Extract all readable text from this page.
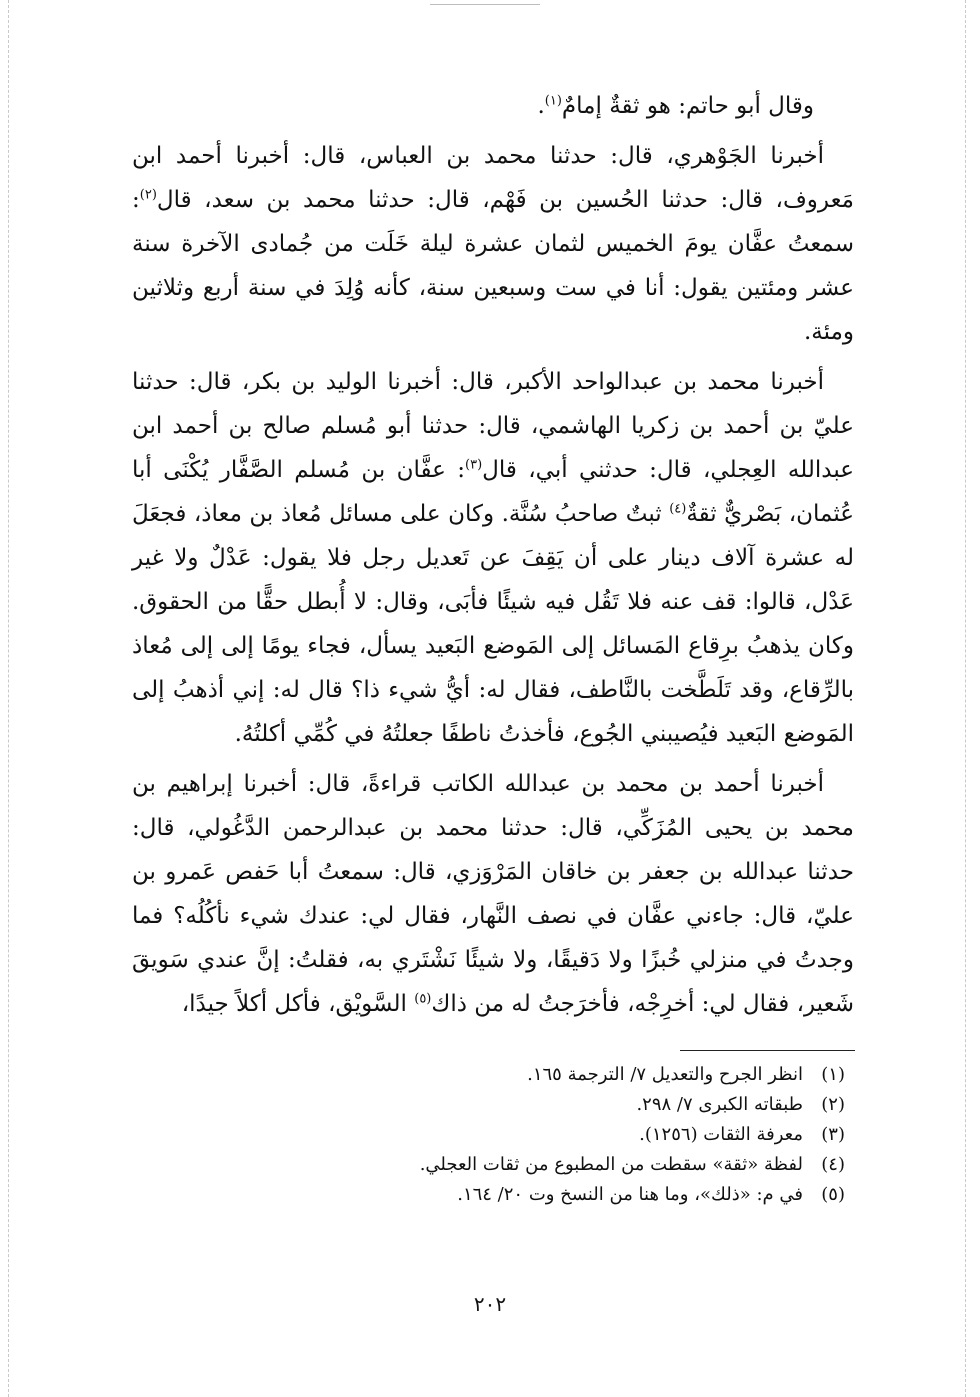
وقال أبو حاتم: هو ثقةٌ إمامٌ$^{(١)}$.

أخبرنا الجَوْهري، قال: حدثنا محمد بن العباس، قال: أخبرنا أحمد ابن مَعروف، قال: حدثنا الحُسين بن فَهْم، قال: حدثنا محمد بن سعد، قال$^{(٢)}$: سمعتُ عفَّان يومَ الخميس لثمان عشرة ليلة خَلَت من جُمادى الآخرة سنة عشر ومئتين يقول: أنا في ست وسبعين سنة، كأنه وُلِدَ في سنة أربع وثلاثين ومئة.

أخبرنا محمد بن عبدالواحد الأكبر، قال: أخبرنا الوليد بن بكر، قال: حدثنا عليّ بن أحمد بن زكريا الهاشمي، قال: حدثنا أبو مُسلم صالح بن أحمد ابن عبدالله العِجلي، قال: حدثني أبي، قال$^{(٣)}$: عفَّان بن مُسلم الصَّفَّار يُكْنَى أبا عُثمان، بَصْريٌّ ثقةٌ$^{(٤)}$ ثبتٌ صاحبُ سُنَّة. وكان على مسائل مُعاذ بن معاذ، فجعَلَ له عشرة آلاف دينار على أن يَقِفَ عن تَعديل رجل فلا يقول: عَدْلٌ ولا غير عَدْل، قالوا: قف عنه فلا تَقُل فيه شيئًا فأبَى، وقال: لا أُبطل حقًّا من الحقوق. وكان يذهبُ برِقاع المَسائل إلى المَوضع البَعيد يسأل، فجاء يومًا إلى إلى مُعاذ بالرِّقاع، وقد تَلَطَّخت بالنَّاطف، فقال له: أيُّ شيء ذا؟ قال له: إني أذهبُ إلى المَوضع البَعيد فيُصيبني الجُوع، فأخذتُ ناطفًا جعلتُهُ في كُمِّي أكلتُهُ.

أخبرنا أحمد بن محمد بن عبدالله الكاتب قراءةً، قال: أخبرنا إبراهيم بن محمد بن يحيى المُزَكِّي، قال: حدثنا محمد بن عبدالرحمن الدَّغُولي، قال: حدثنا عبدالله بن جعفر بن خاقان المَرْوَزي، قال: سمعتُ أبا حَفص عَمرو بن عليّ، قال: جاءني عفَّان في نصف النَّهار، فقال لي: عندك شيء نأكُلُه؟ فما وجدتُ في منزلي خُبزًا ولا دَقيقًا، ولا شيئًا نَشْتَري به، فقلتُ: إنَّ عندي سَويقَ شَعير، فقال لي: أخرِجْه، فأخرَجتُ له من ذاك$^{(٥)}$ السَّويْق، فأكل أكلاً جيدًا،

(١)انظر الجرح والتعديل ٧/ الترجمة ١٦٥.
(٢)طبقاته الكبرى ٧/ ٢٩٨.
(٣)معرفة الثقات (١٢٥٦).
(٤)لفظة «ثقة» سقطت من المطبوع من ثقات العجلي.
(٥)في م: «ذلك»، وما هنا من النسخ وت ٢٠/ ١٦٤.
٢٠٢
